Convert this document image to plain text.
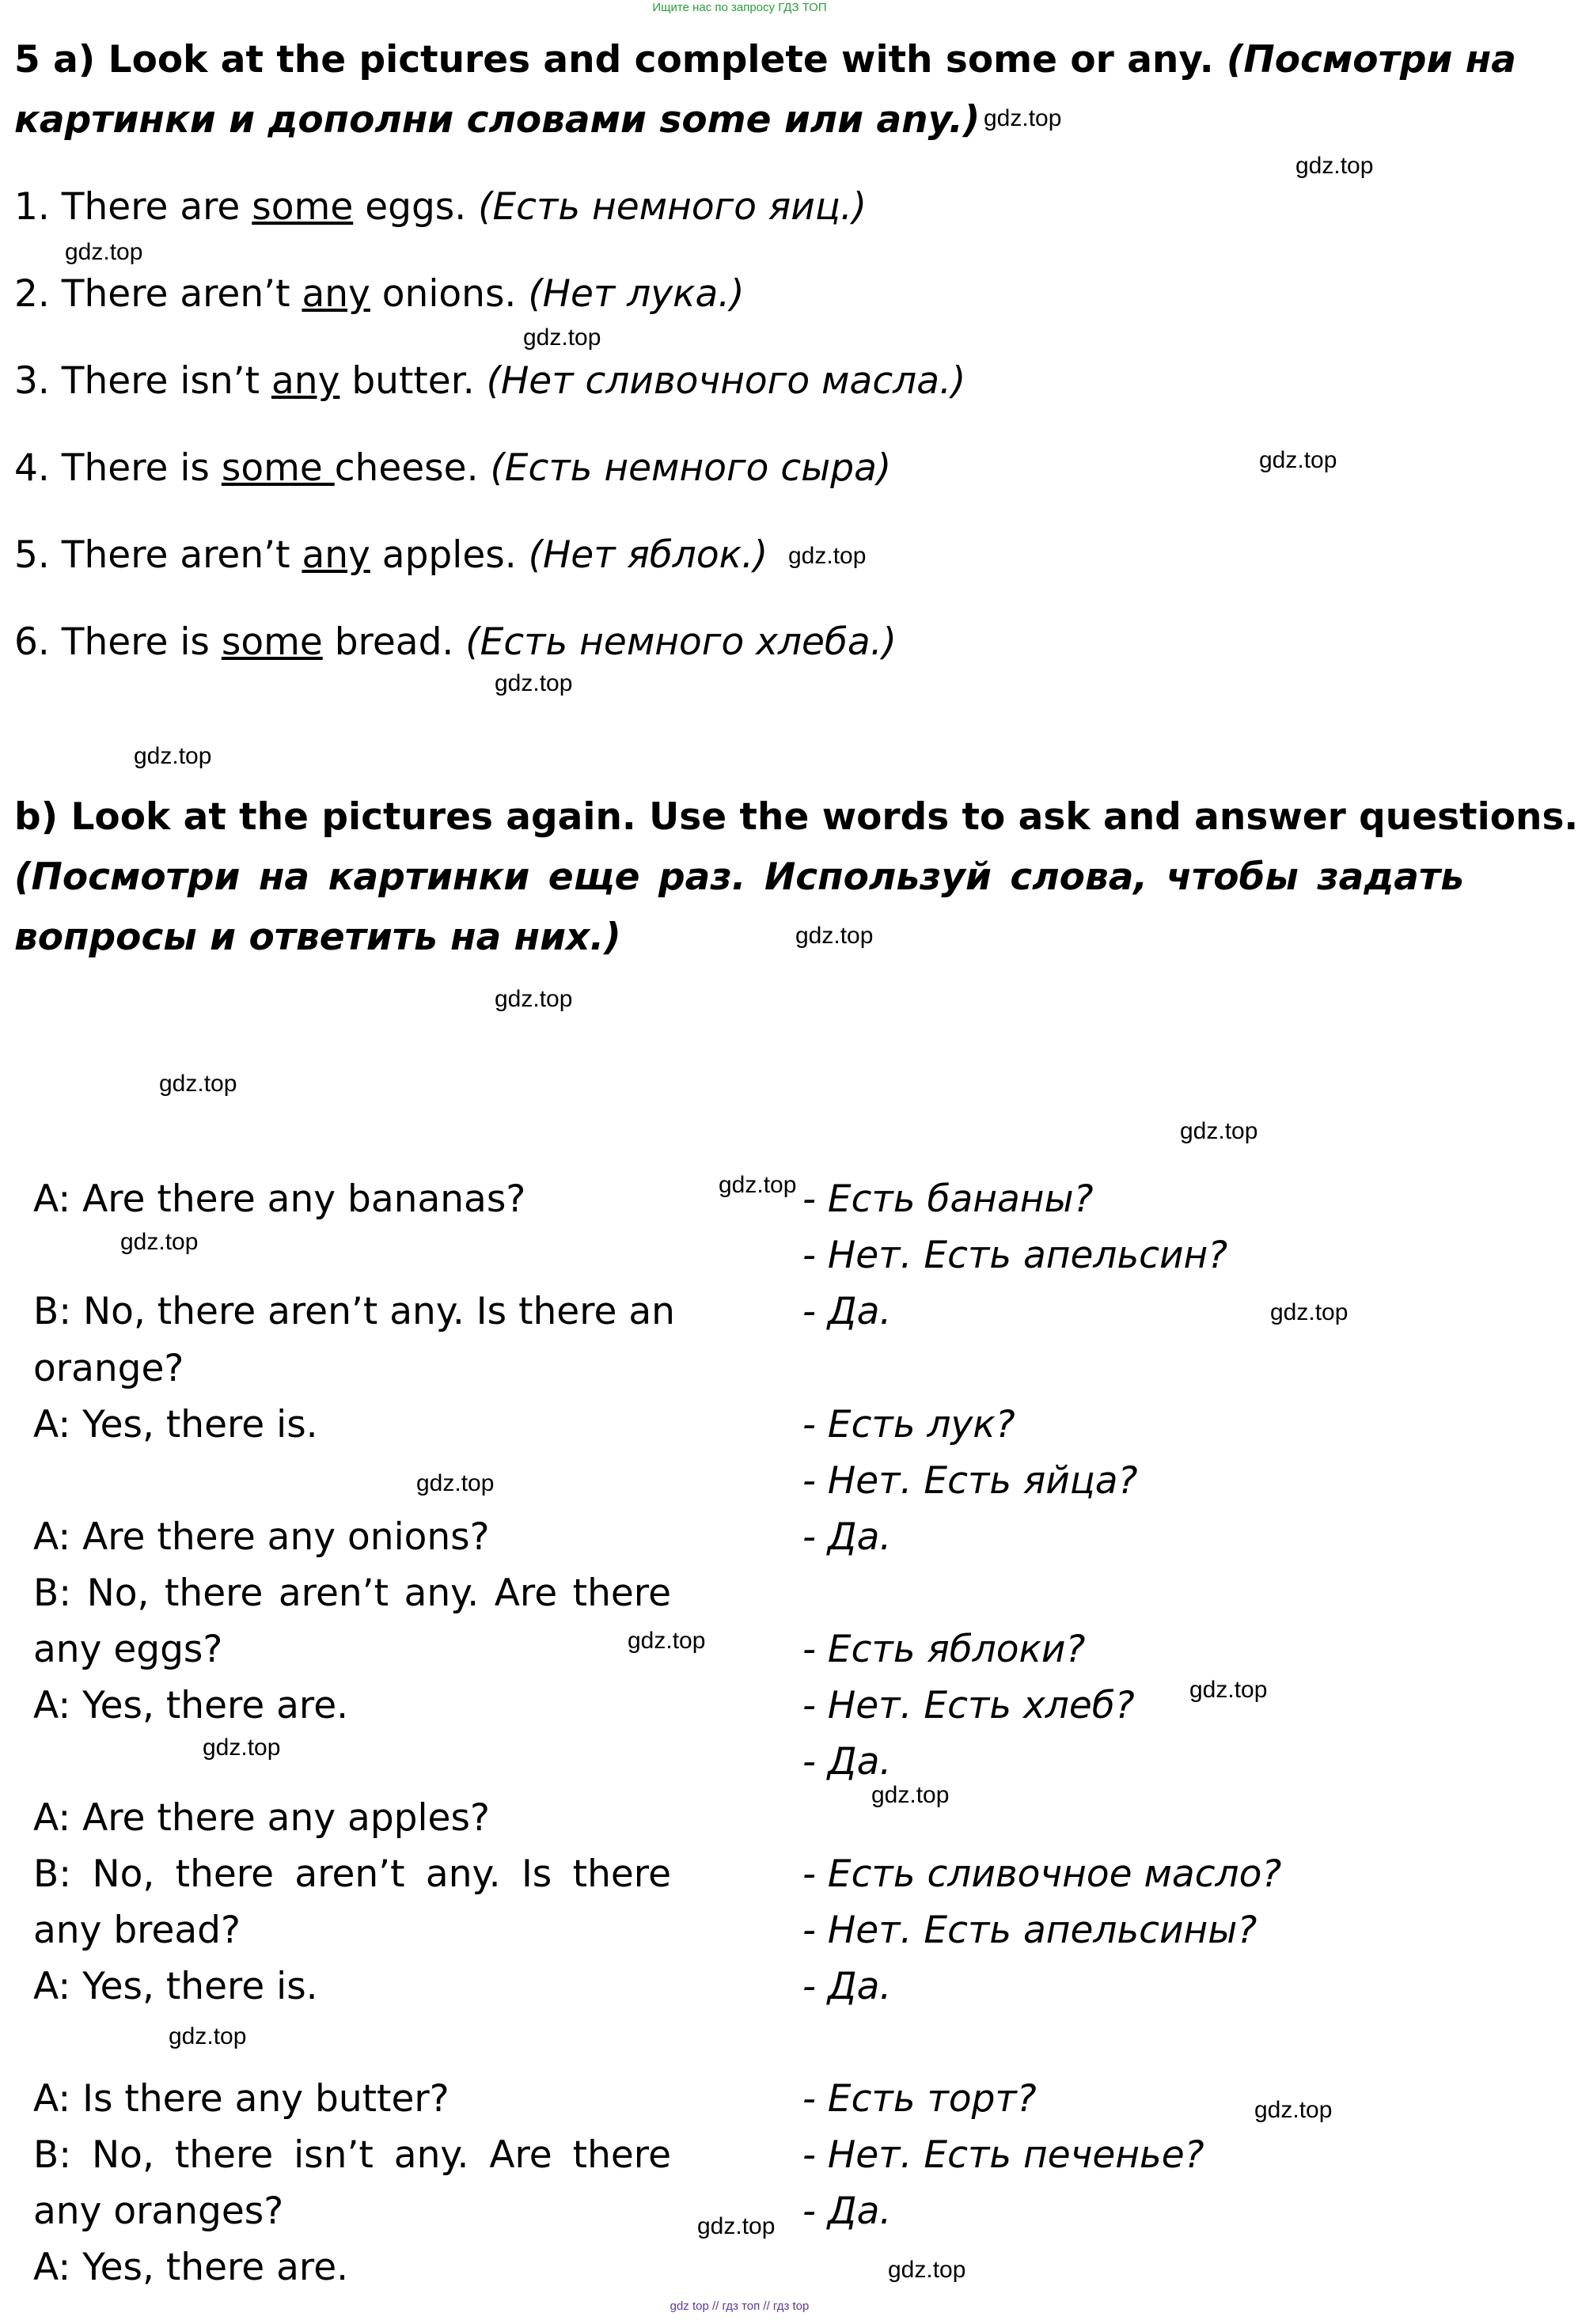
Ищите нас по запросу ГДЗ ТОП
5 a) Look at the pictures and complete with some or any. (Посмотри на
картинки и дополни словами some или any.)
1. There are some eggs. (Есть немного яиц.)
2. There aren’t any onions. (Нет лука.)
3. There isn’t any butter. (Нет сливочного масла.)
4. There is some cheese. (Есть немного сыра)
5. There aren’t any apples. (Нет яблок.)
6. There is some bread. (Есть немного хлеба.)
b) Look at the pictures again. Use the words to ask and answer questions.
(Посмотри на картинки еще раз. Используй слова, чтобы задать
вопросы и ответить на них.)
A: Are there any bananas?
B: No, there aren’t any. Is there an
orange?
A: Yes, there is.
A: Are there any onions?
B: No, there aren’t any. Are there
any eggs?
A: Yes, there are.
A: Are there any apples?
B: No, there aren’t any. Is there
any bread?
A: Yes, there is.
A: Is there any butter?
B: No, there isn’t any. Are there
any oranges?
A: Yes, there are.
- Есть бананы?
- Нет. Есть апельсин?
- Да.
- Есть лук?
- Нет. Есть яйца?
- Да.
- Есть яблоки?
- Нет. Есть хлеб?
- Да.
- Есть сливочное масло?
- Нет. Есть апельсины?
- Да.
- Есть торт?
- Нет. Есть печенье?
- Да.
gdz.top
gdz.top
gdz.top
gdz.top
gdz.top
gdz.top
gdz.top
gdz.top
gdz.top
gdz.top
gdz.top
gdz.top
gdz.top
gdz.top
gdz.top
gdz.top
gdz.top
gdz.top
gdz.top
gdz.top
gdz.top
gdz.top
gdz.top
gdz.top
gdz top // гдз топ // гдз top
